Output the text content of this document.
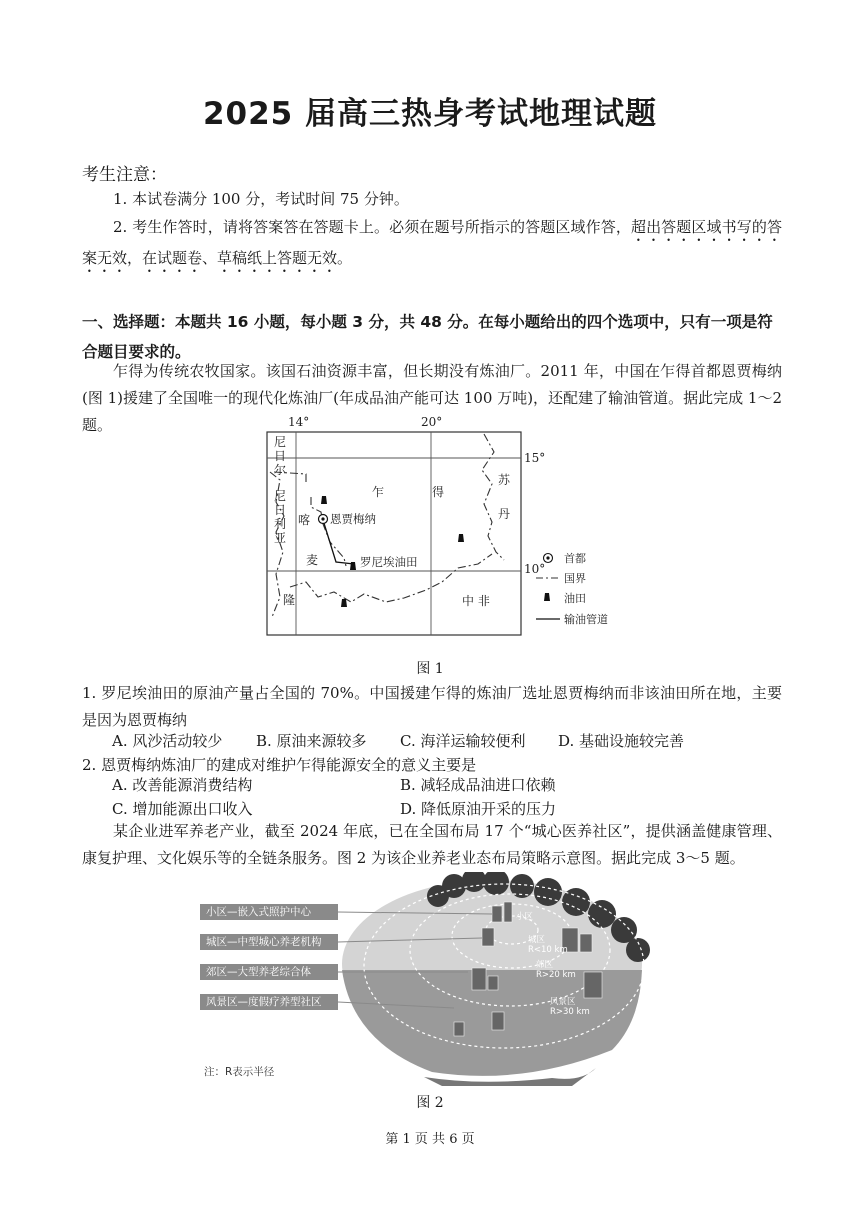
2025 届高三热身考试地理试题
考生注意：
1. 本试卷满分 100 分，考试时间 75 分钟。
2. 考生作答时，请将答案答在答题卡上。必须在题号所指示的答题区域作答，超出答题区域书写的答案无效，在试题卷、草稿纸上答题无效。
一、选择题：本题共 16 小题，每小题 3 分，共 48 分。在每小题给出的四个选项中，只有一项是符合题目要求的。
乍得为传统农牧国家。该国石油资源丰富，但长期没有炼油厂。2011 年，中国在乍得首都恩贾梅纳(图 1)援建了全国唯一的现代化炼油厂(年成品油产能可达 100 万吨)，还配建了输油管道。据此完成 1～2 题。	14°	20°
15°
10°
尼
日
尔
尼
日
利
亚
喀
麦
隆
乍	得
苏
丹
中 非
恩贾梅纳
罗尼埃油田	首都
国界
油田
输油管道
图 1
1. 罗尼埃油田的原油产量占全国的 70%。中国援建乍得的炼油厂选址恩贾梅纳而非该油田所在地，主要是因为恩贾梅纳
A. 风沙活动较少 B. 原油来源较多 C. 海洋运输较便利 D. 基础设施较完善
2. 恩贾梅纳炼油厂的建成对维护乍得能源安全的意义主要是
A. 改善能源消费结构	B. 减轻成品油进口依赖
C. 增加能源出口收入	D. 降低原油开采的压力
某企业进军养老产业，截至 2024 年底，已在全国布局 17 个“城心医养社区”，提供涵盖健康管理、康复护理、文化娱乐等的全链条服务。图 2 为该企业养老业态布局策略示意图。据此完成 3～5 题。
小区
城区
R<10 km
郊区
R>20 km
风景区
R>30 km
小区—嵌入式照护中心
城区—中型城心养老机构
郊区—大型养老综合体
风景区—度假疗养型社区
注：R表示半径
图 2
第 1 页 共 6 页
